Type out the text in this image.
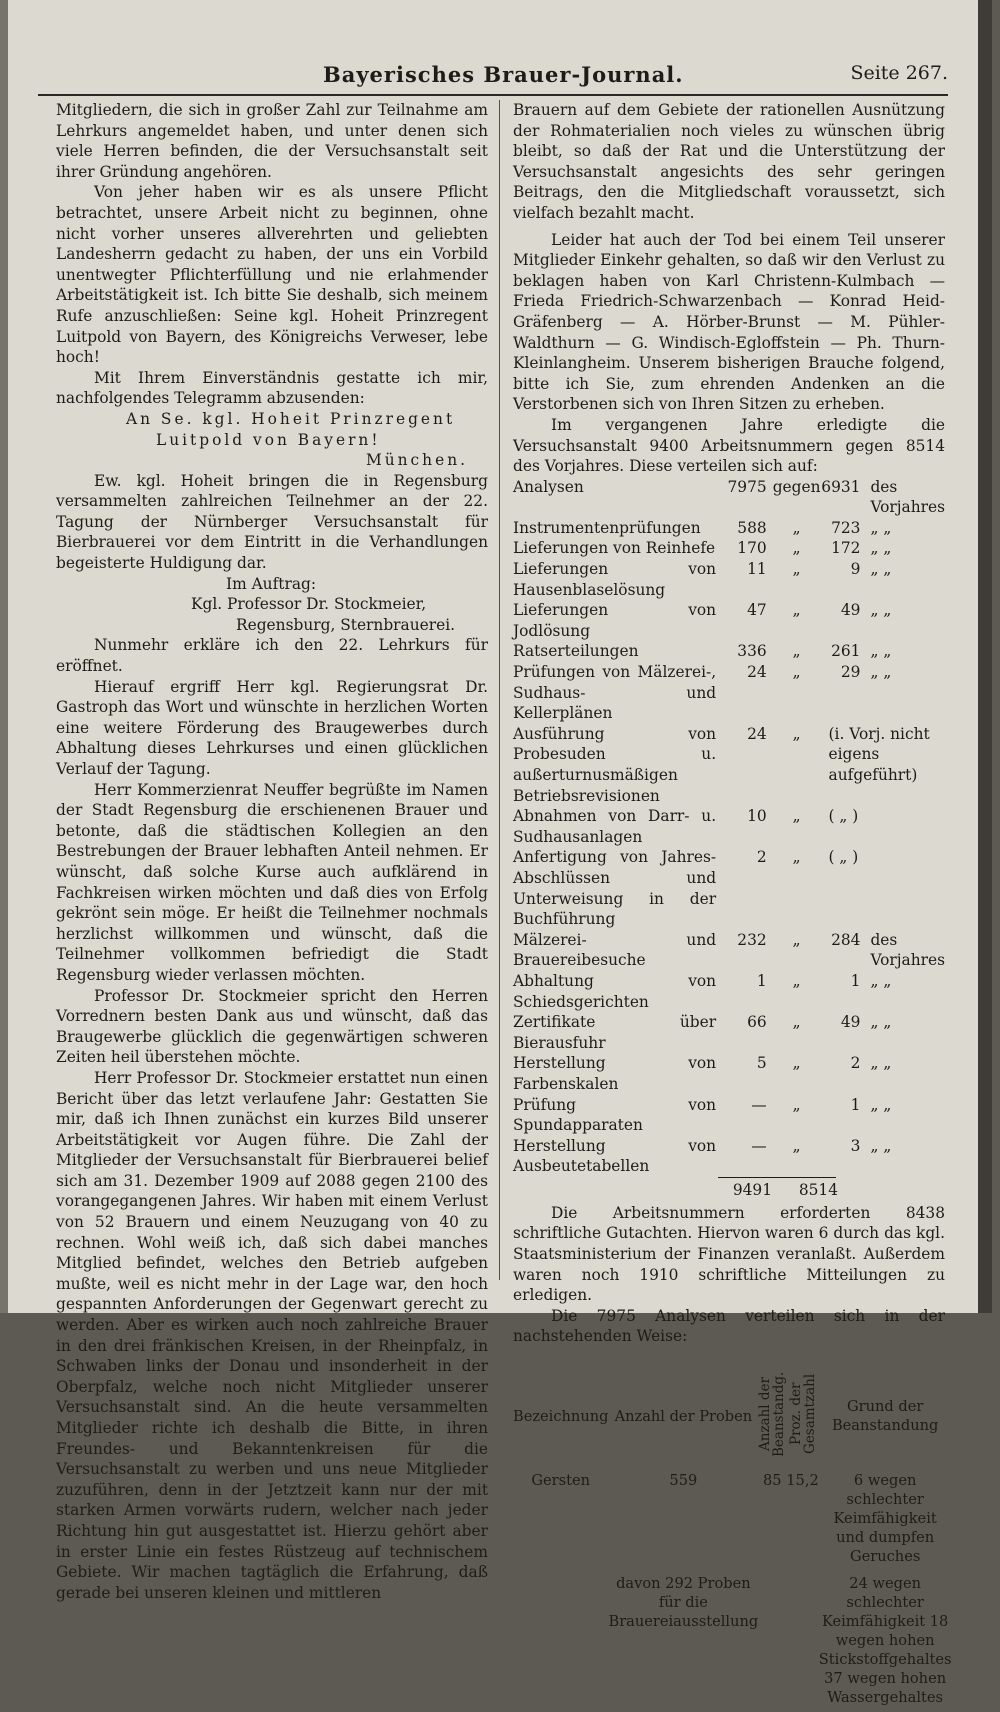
Bayerisches Brauer-Journal.	Seite 267.

Mitgliedern, die sich in großer Zahl zur Teilnahme am Lehrkurs angemeldet haben, und unter denen sich viele Herren befinden, die der Versuchsanstalt seit ihrer Gründung angehören.

Von jeher haben wir es als unsere Pflicht betrachtet, unsere Arbeit nicht zu beginnen, ohne nicht vorher unseres allverehrten und geliebten Landesherrn gedacht zu haben, der uns ein Vorbild unentwegter Pflichterfüllung und nie erlahmender Arbeitstätigkeit ist. Ich bitte Sie deshalb, sich meinem Rufe anzuschließen: Seine kgl. Hoheit Prinzregent Luitpold von Bayern, des Königreichs Verweser, lebe hoch!

Mit Ihrem Einverständnis gestatte ich mir, nachfolgendes Telegramm abzusenden:

An Se. kgl. Hoheit Prinzregent
Luitpold von Bayern!
München.

Ew. kgl. Hoheit bringen die in Regensburg versammelten zahlreichen Teilnehmer an der 22. Tagung der Nürnberger Versuchsanstalt für Bierbrauerei vor dem Eintritt in die Verhandlungen begeisterte Huldigung dar.

Im Auftrag:
Kgl. Professor Dr. Stockmeier,
Regensburg, Sternbrauerei.

Nunmehr erkläre ich den 22. Lehrkurs für eröffnet.

Hierauf ergriff Herr kgl. Regierungsrat Dr. Gastroph das Wort und wünschte in herzlichen Worten eine weitere Förderung des Braugewerbes durch Abhaltung dieses Lehrkurses und einen glücklichen Verlauf der Tagung.

Herr Kommerzienrat Neuffer begrüßte im Namen der Stadt Regensburg die erschienenen Brauer und betonte, daß die städtischen Kollegien an den Bestrebungen der Brauer lebhaften Anteil nehmen. Er wünscht, daß solche Kurse auch aufklärend in Fachkreisen wirken möchten und daß dies von Erfolg gekrönt sein möge. Er heißt die Teilnehmer nochmals herzlichst willkommen und wünscht, daß die Teilnehmer vollkommen befriedigt die Stadt Regensburg wieder verlassen möchten.

Professor Dr. Stockmeier spricht den Herren Vorrednern besten Dank aus und wünscht, daß das Braugewerbe glücklich die gegenwärtigen schweren Zeiten heil überstehen möchte.

Herr Professor Dr. Stockmeier erstattet nun einen Bericht über das letzt verlaufene Jahr: Gestatten Sie mir, daß ich Ihnen zunächst ein kurzes Bild unserer Arbeitstätigkeit vor Augen führe. Die Zahl der Mitglieder der Versuchsanstalt für Bierbrauerei belief sich am 31. Dezember 1909 auf 2088 gegen 2100 des vorangegangenen Jahres. Wir haben mit einem Verlust von 52 Brauern und einem Neuzugang von 40 zu rechnen. Wohl weiß ich, daß sich dabei manches Mitglied befindet, welches den Betrieb aufgeben mußte, weil es nicht mehr in der Lage war, den hoch gespannten Anforderungen der Gegenwart gerecht zu werden. Aber es wirken auch noch zahlreiche Brauer in den drei fränkischen Kreisen, in der Rheinpfalz, in Schwaben links der Donau und insonderheit in der Oberpfalz, welche noch nicht Mitglieder unserer Versuchsanstalt sind. An die heute versammelten Mitglieder richte ich deshalb die Bitte, in ihren Freundes- und Bekanntenkreisen für die Versuchsanstalt zu werben und uns neue Mitglieder zuzuführen, denn in der Jetztzeit kann nur der mit starken Armen vorwärts rudern, welcher nach jeder Richtung hin gut ausgestattet ist. Hierzu gehört aber in erster Linie ein festes Rüstzeug auf technischem Gebiete. Wir machen tagtäglich die Erfahrung, daß gerade bei unseren kleinen und mittleren

Brauern auf dem Gebiete der rationellen Ausnützung der Rohmaterialien noch vieles zu wünschen übrig bleibt, so daß der Rat und die Unterstützung der Versuchsanstalt angesichts des sehr geringen Beitrags, den die Mitgliedschaft voraussetzt, sich vielfach bezahlt macht.

Leider hat auch der Tod bei einem Teil unserer Mitglieder Einkehr gehalten, so daß wir den Verlust zu beklagen haben von Karl Christenn-Kulmbach — Frieda Friedrich-Schwarzenbach — Konrad Heid-Gräfenberg — A. Hörber-Brunst — M. Pühler-Waldthurn — G. Windisch-Egloffstein — Ph. Thurn-Kleinlangheim. Unserem bisherigen Brauche folgend, bitte ich Sie, zum ehrenden Andenken an die Verstorbenen sich von Ihren Sitzen zu erheben.

Im vergangenen Jahre erledigte die Versuchsanstalt 9400 Arbeitsnummern gegen 8514 des Vorjahres. Diese verteilen sich auf:

Analysen	7975	gegen	6931	des Vorjahres
Instrumentenprüfungen	588	„	723	„ „
Lieferungen von Reinhefe	170	„	172	„ „
Lieferungen von Hausenblaselösung	11	„	9	„ „
Lieferungen von Jodlösung	47	„	49	„ „
Ratserteilungen	336	„	261	„ „
Prüfungen von Mälzerei-, Sudhaus- und Kellerplänen	24	„	29	„ „
Ausführung von Probesuden u. außerturnusmäßigen Betriebsrevisionen	24	„	(i. Vorj. nicht eigens aufgeführt)	
Abnahmen von Darr- u. Sudhausanlagen	10	„	( „ )	
Anfertigung von Jahres-Abschlüssen und Unterweisung in der Buchführung	2	„	( „ )	
Mälzerei- und Brauereibesuche	232	„	284	des Vorjahres
Abhaltung von Schiedsgerichten	1	„	1	„ „
Zertifikate über Bierausfuhr	66	„	49	„ „
Herstellung von Farbenskalen	5	„	2	„ „
Prüfung von Spundapparaten	—	„	1	„ „
Herstellung von Ausbeutetabellen	—	„	3	„ „
9491 8514

Die Arbeitsnummern erforderten 8438 schriftliche Gutachten. Hiervon waren 6 durch das kgl. Staatsministerium der Finanzen veranlaßt. Außerdem waren noch 1910 schriftliche Mitteilungen zu erledigen.

Die 7975 Analysen verteilen sich in der nachstehenden Weise:

Bezeichnung	Anzahl der Proben	Anzahl der Beanstandg.	Proz. der Gesamtzahl	Grund der Beanstandung
Gersten	559	85	15,2	6 wegen schlechter Keimfähigkeit und dumpfen Geruches
	davon 292 Proben für die Brauereiausstellung			24 wegen schlechter Keimfähigkeit 18 wegen hohen Stickstoffgehaltes 37 wegen hohen Wassergehaltes
